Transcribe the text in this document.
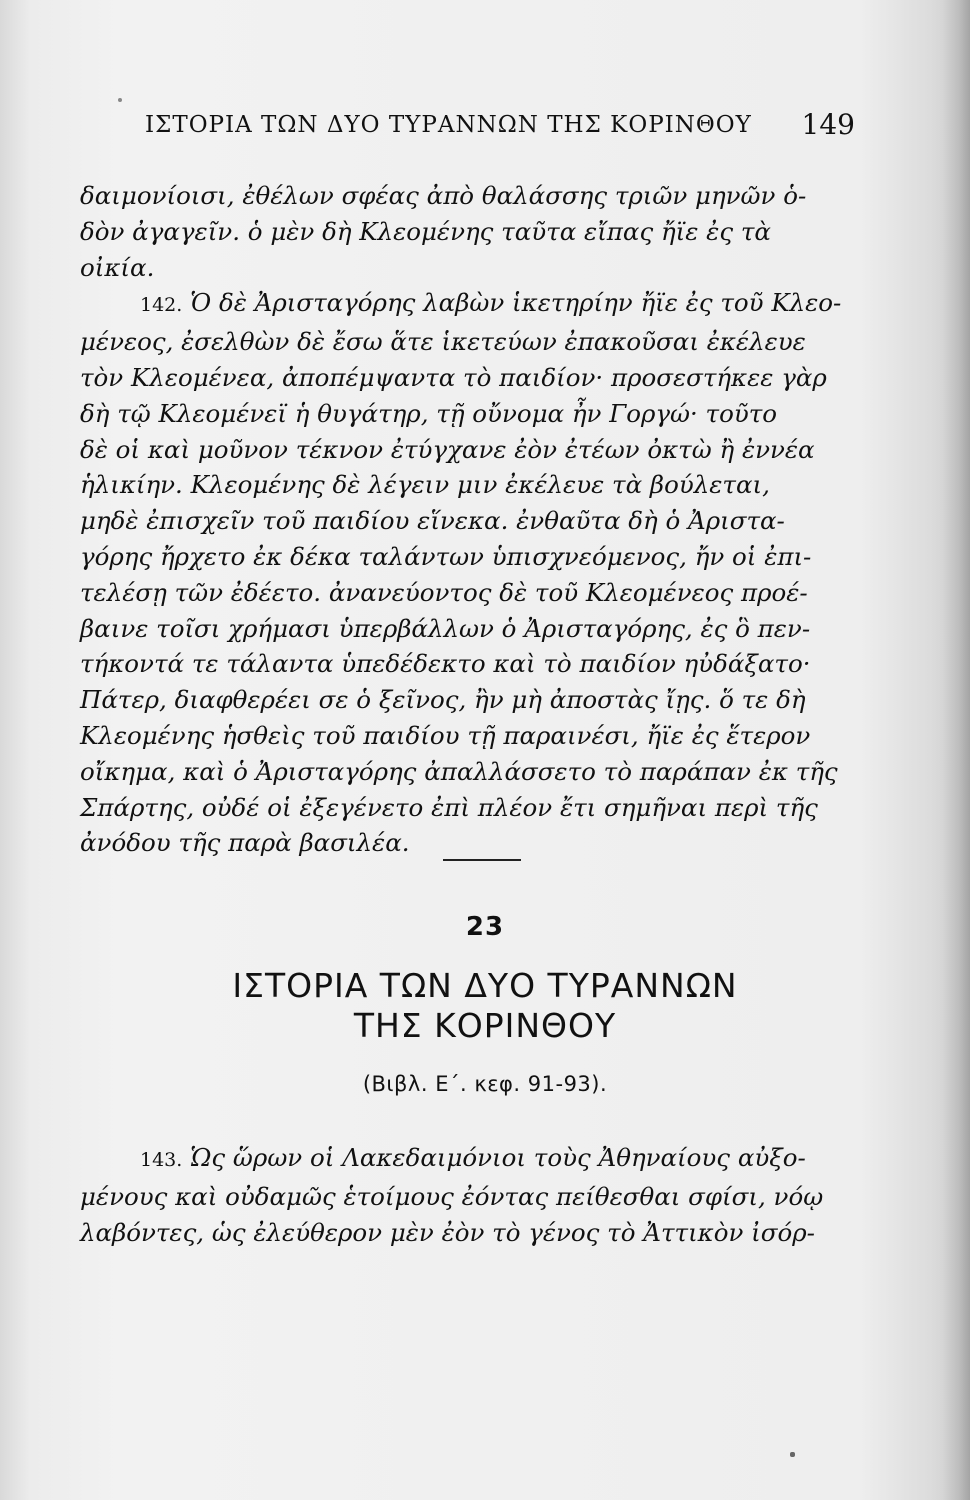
ΙΣΤΟΡΙΑ ΤΩΝ ΔΥΟ ΤΥΡΑΝΝΩΝ ΤΗΣ ΚΟΡΙΝΘΟΥ 149

δαιμονίοισι, ἐθέλων σφέας ἀπὸ θαλάσσης τριῶν μηνῶν ὁ-

δὸν ἀγαγεῖν. ὁ μὲν δὴ Κλεομένης ταῦτα εἴπας ἤϊε ἐς τὰ

οἰκία.

142. Ὁ δὲ Ἀρισταγόρης λαβὼν ἱκετηρίην ἤϊε ἐς τοῦ Κλεο-

μένεος, ἐσελθὼν δὲ ἔσω ἅτε ἱκετεύων ἐπακοῦσαι ἐκέλευε

τὸν Κλεομένεα, ἀποπέμψαντα τὸ παιδίον· προσεστήκεε γὰρ

δὴ τῷ Κλεομένεϊ ἡ θυγάτηρ, τῇ οὔνομα ἦν Γοργώ· τοῦτο

δὲ οἱ καὶ μοῦνον τέκνον ἐτύγχανε ἐὸν ἐτέων ὀκτὼ ἢ ἐννέα

ἡλικίην. Κλεομένης δὲ λέγειν μιν ἐκέλευε τὰ βούλεται,

μηδὲ ἐπισχεῖν τοῦ παιδίου εἵνεκα. ἐνθαῦτα δὴ ὁ Ἀριστα-

γόρης ἤρχετο ἐκ δέκα ταλάντων ὑπισχνεόμενος, ἤν οἱ ἐπι-

τελέσῃ τῶν ἐδέετο. ἀνανεύοντος δὲ τοῦ Κλεομένεος προέ-

βαινε τοῖσι χρήμασι ὑπερβάλλων ὁ Ἀρισταγόρης, ἐς ὃ πεν-

τήκοντά τε τάλαντα ὑπεδέδεκτο καὶ τὸ παιδίον ηὐδάξατο·

Πάτερ, διαφθερέει σε ὁ ξεῖνος, ἢν μὴ ἀποστὰς ἴῃς. ὅ τε δὴ

Κλεομένης ἡσθεὶς τοῦ παιδίου τῇ παραινέσι, ἤϊε ἐς ἕτερον

οἴκημα, καὶ ὁ Ἀρισταγόρης ἀπαλλάσσετο τὸ παράπαν ἐκ τῆς

Σπάρτης, οὐδέ οἱ ἐξεγένετο ἐπὶ πλέον ἔτι σημῆναι περὶ τῆς

ἀνόδου τῆς παρὰ βασιλέα.

23
ΙΣΤΟΡΙΑ ΤΩΝ ΔΥΟ ΤΥΡΑΝΝΩΝ
ΤΗΣ ΚΟΡΙΝΘΟΥ
(Βιβλ. Ε΄. κεφ. 91-93).

143. Ὡς ὥρων οἱ Λακεδαιμόνιοι τοὺς Ἀθηναίους αὐξο-

μένους καὶ οὐδαμῶς ἑτοίμους ἐόντας πείθεσθαι σφίσι, νόῳ

λαβόντες, ὡς ἐλεύθερον μὲν ἐὸν τὸ γένος τὸ Ἀττικὸν ἰσόρ-
